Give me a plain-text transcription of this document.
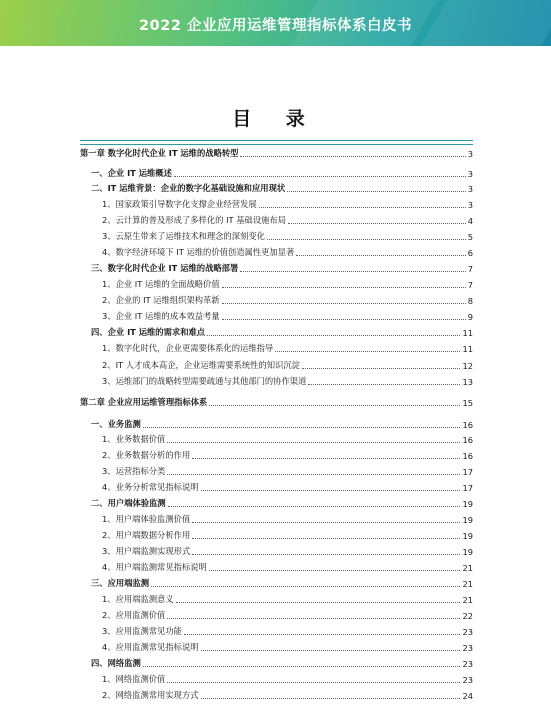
2022 企业应用运维管理指标体系白皮书
目 录
第一章 数字化时代企业 IT 运维的战略转型	3
一、企业 IT 运维概述	3
二、IT 运维背景：企业的数字化基础设施和应用现状	3
1、国家政策引导数字化支撑企业经营发展	3
2、云计算的普及形成了多样化的 IT 基础设施布局	4
3、云原生带来了运维技术和理念的深刻变化	5
4、数字经济环境下 IT 运维的价值创造属性更加显著	6
三、数字化时代企业 IT 运维的战略部署	7
1、企业 IT 运维的全面战略价值	7
2、企业的 IT 运维组织架构革新	8
3、企业 IT 运维的成本效益考量	9
四、企业 IT 运维的需求和难点	11
1、数字化时代，企业更需要体系化的运维指导	11
2、IT 人才成本高企，企业运维需要系统性的知识沉淀	12
3、运维部门的战略转型需要疏通与其他部门的协作渠道	13
第二章 企业应用运维管理指标体系	15
一、业务监测	16
1、业务数据价值	16
2、业务数据分析的作用	16
3、运营指标分类	17
4、业务分析常见指标说明	17
二、用户端体验监测	19
1、用户端体验监测价值	19
2、用户端数据分析作用	19
3、用户端监测实现形式	19
4、用户端监测常见指标说明	21
三、应用端监测	21
1、应用端监测意义	21
2、应用监测价值	22
3、应用监测常见功能	23
4、应用监测常见指标说明	23
四、网络监测	23
1、网络监测价值	23
2、网络监测常用实现方式	24
